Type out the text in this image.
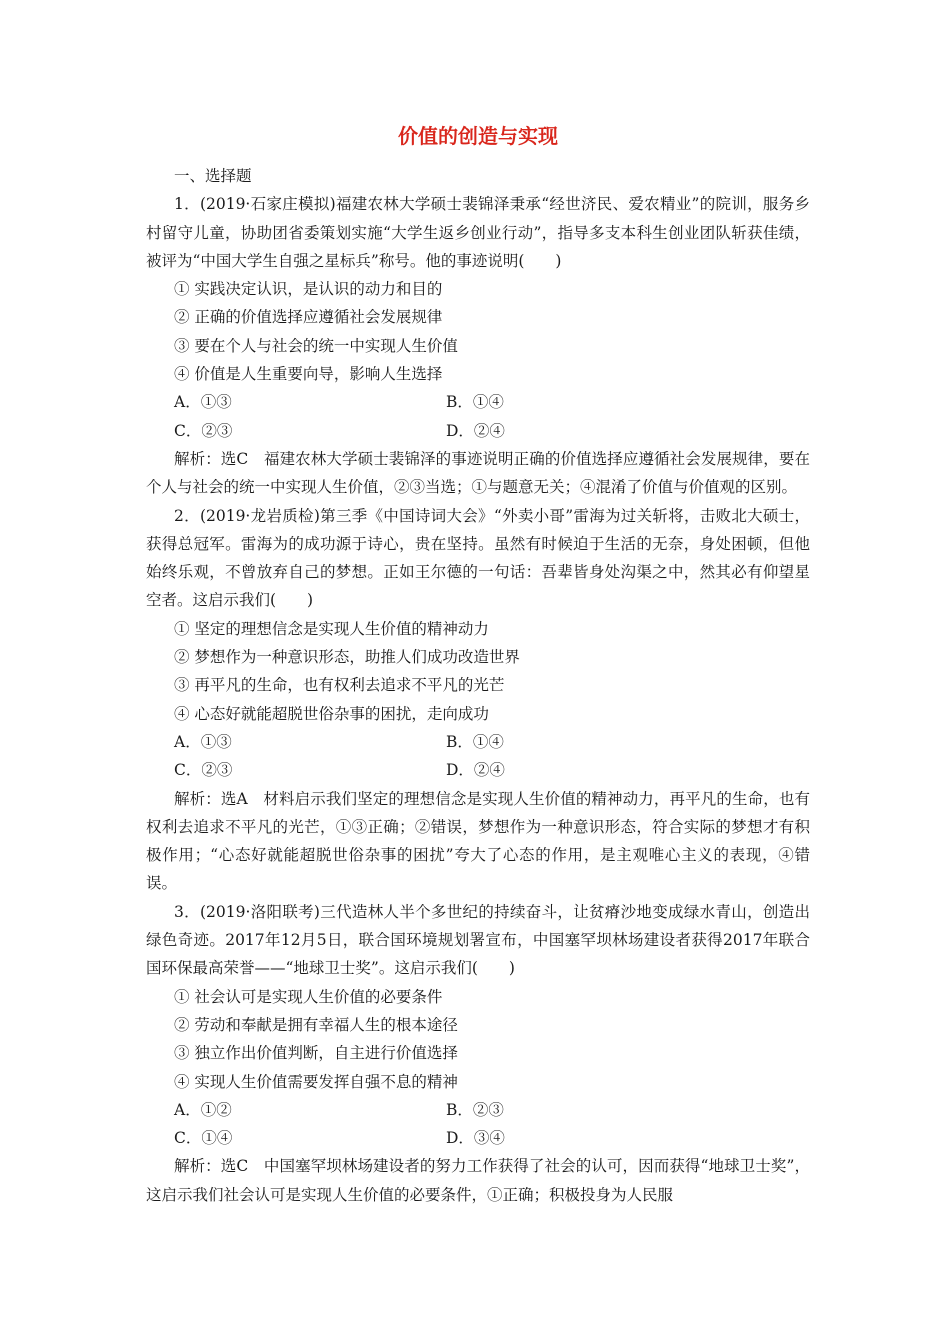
价值的创造与实现
一、选择题

1．(2019·石家庄模拟)福建农林大学硕士裴锦泽秉承“经世济民、爱农精业”的院训，服务乡村留守儿童，协助团省委策划实施“大学生返乡创业行动”，指导多支本科生创业团队斩获佳绩，被评为“中国大学生自强之星标兵”称号。他的事迹说明(　　)

① 实践决定认识，是认识的动力和目的
② 正确的价值选择应遵循社会发展规律
③ 要在个人与社会的统一中实现人生价值
④ 价值是人生重要向导，影响人生选择
A．①③	B．①④
C．②③	D．②④

解析：选C　福建农林大学硕士裴锦泽的事迹说明正确的价值选择应遵循社会发展规律，要在个人与社会的统一中实现人生价值，②③当选；①与题意无关；④混淆了价值与价值观的区别。

2．(2019·龙岩质检)第三季《中国诗词大会》“外卖小哥”雷海为过关斩将，击败北大硕士，获得总冠军。雷海为的成功源于诗心，贵在坚持。虽然有时候迫于生活的无奈，身处困顿，但他始终乐观，不曾放弃自己的梦想。正如王尔德的一句话：吾辈皆身处沟渠之中，然其必有仰望星空者。这启示我们(　　)

① 坚定的理想信念是实现人生价值的精神动力
② 梦想作为一种意识形态，助推人们成功改造世界
③ 再平凡的生命，也有权利去追求不平凡的光芒
④ 心态好就能超脱世俗杂事的困扰，走向成功
A．①③	B．①④
C．②③	D．②④

解析：选A　材料启示我们坚定的理想信念是实现人生价值的精神动力，再平凡的生命，也有权利去追求不平凡的光芒，①③正确；②错误，梦想作为一种意识形态，符合实际的梦想才有积极作用；“心态好就能超脱世俗杂事的困扰”夸大了心态的作用，是主观唯心主义的表现，④错误。

3．(2019·洛阳联考)三代造林人半个多世纪的持续奋斗，让贫瘠沙地变成绿水青山，创造出绿色奇迹。2017年12月5日，联合国环境规划署宣布，中国塞罕坝林场建设者获得2017年联合国环保最高荣誉——“地球卫士奖”。这启示我们(　　)

① 社会认可是实现人生价值的必要条件
② 劳动和奉献是拥有幸福人生的根本途径
③ 独立作出价值判断，自主进行价值选择
④ 实现人生价值需要发挥自强不息的精神
A．①②	B．②③
C．①④	D．③④

解析：选C　中国塞罕坝林场建设者的努力工作获得了社会的认可，因而获得“地球卫士奖”，这启示我们社会认可是实现人生价值的必要条件，①正确；积极投身为人民服
